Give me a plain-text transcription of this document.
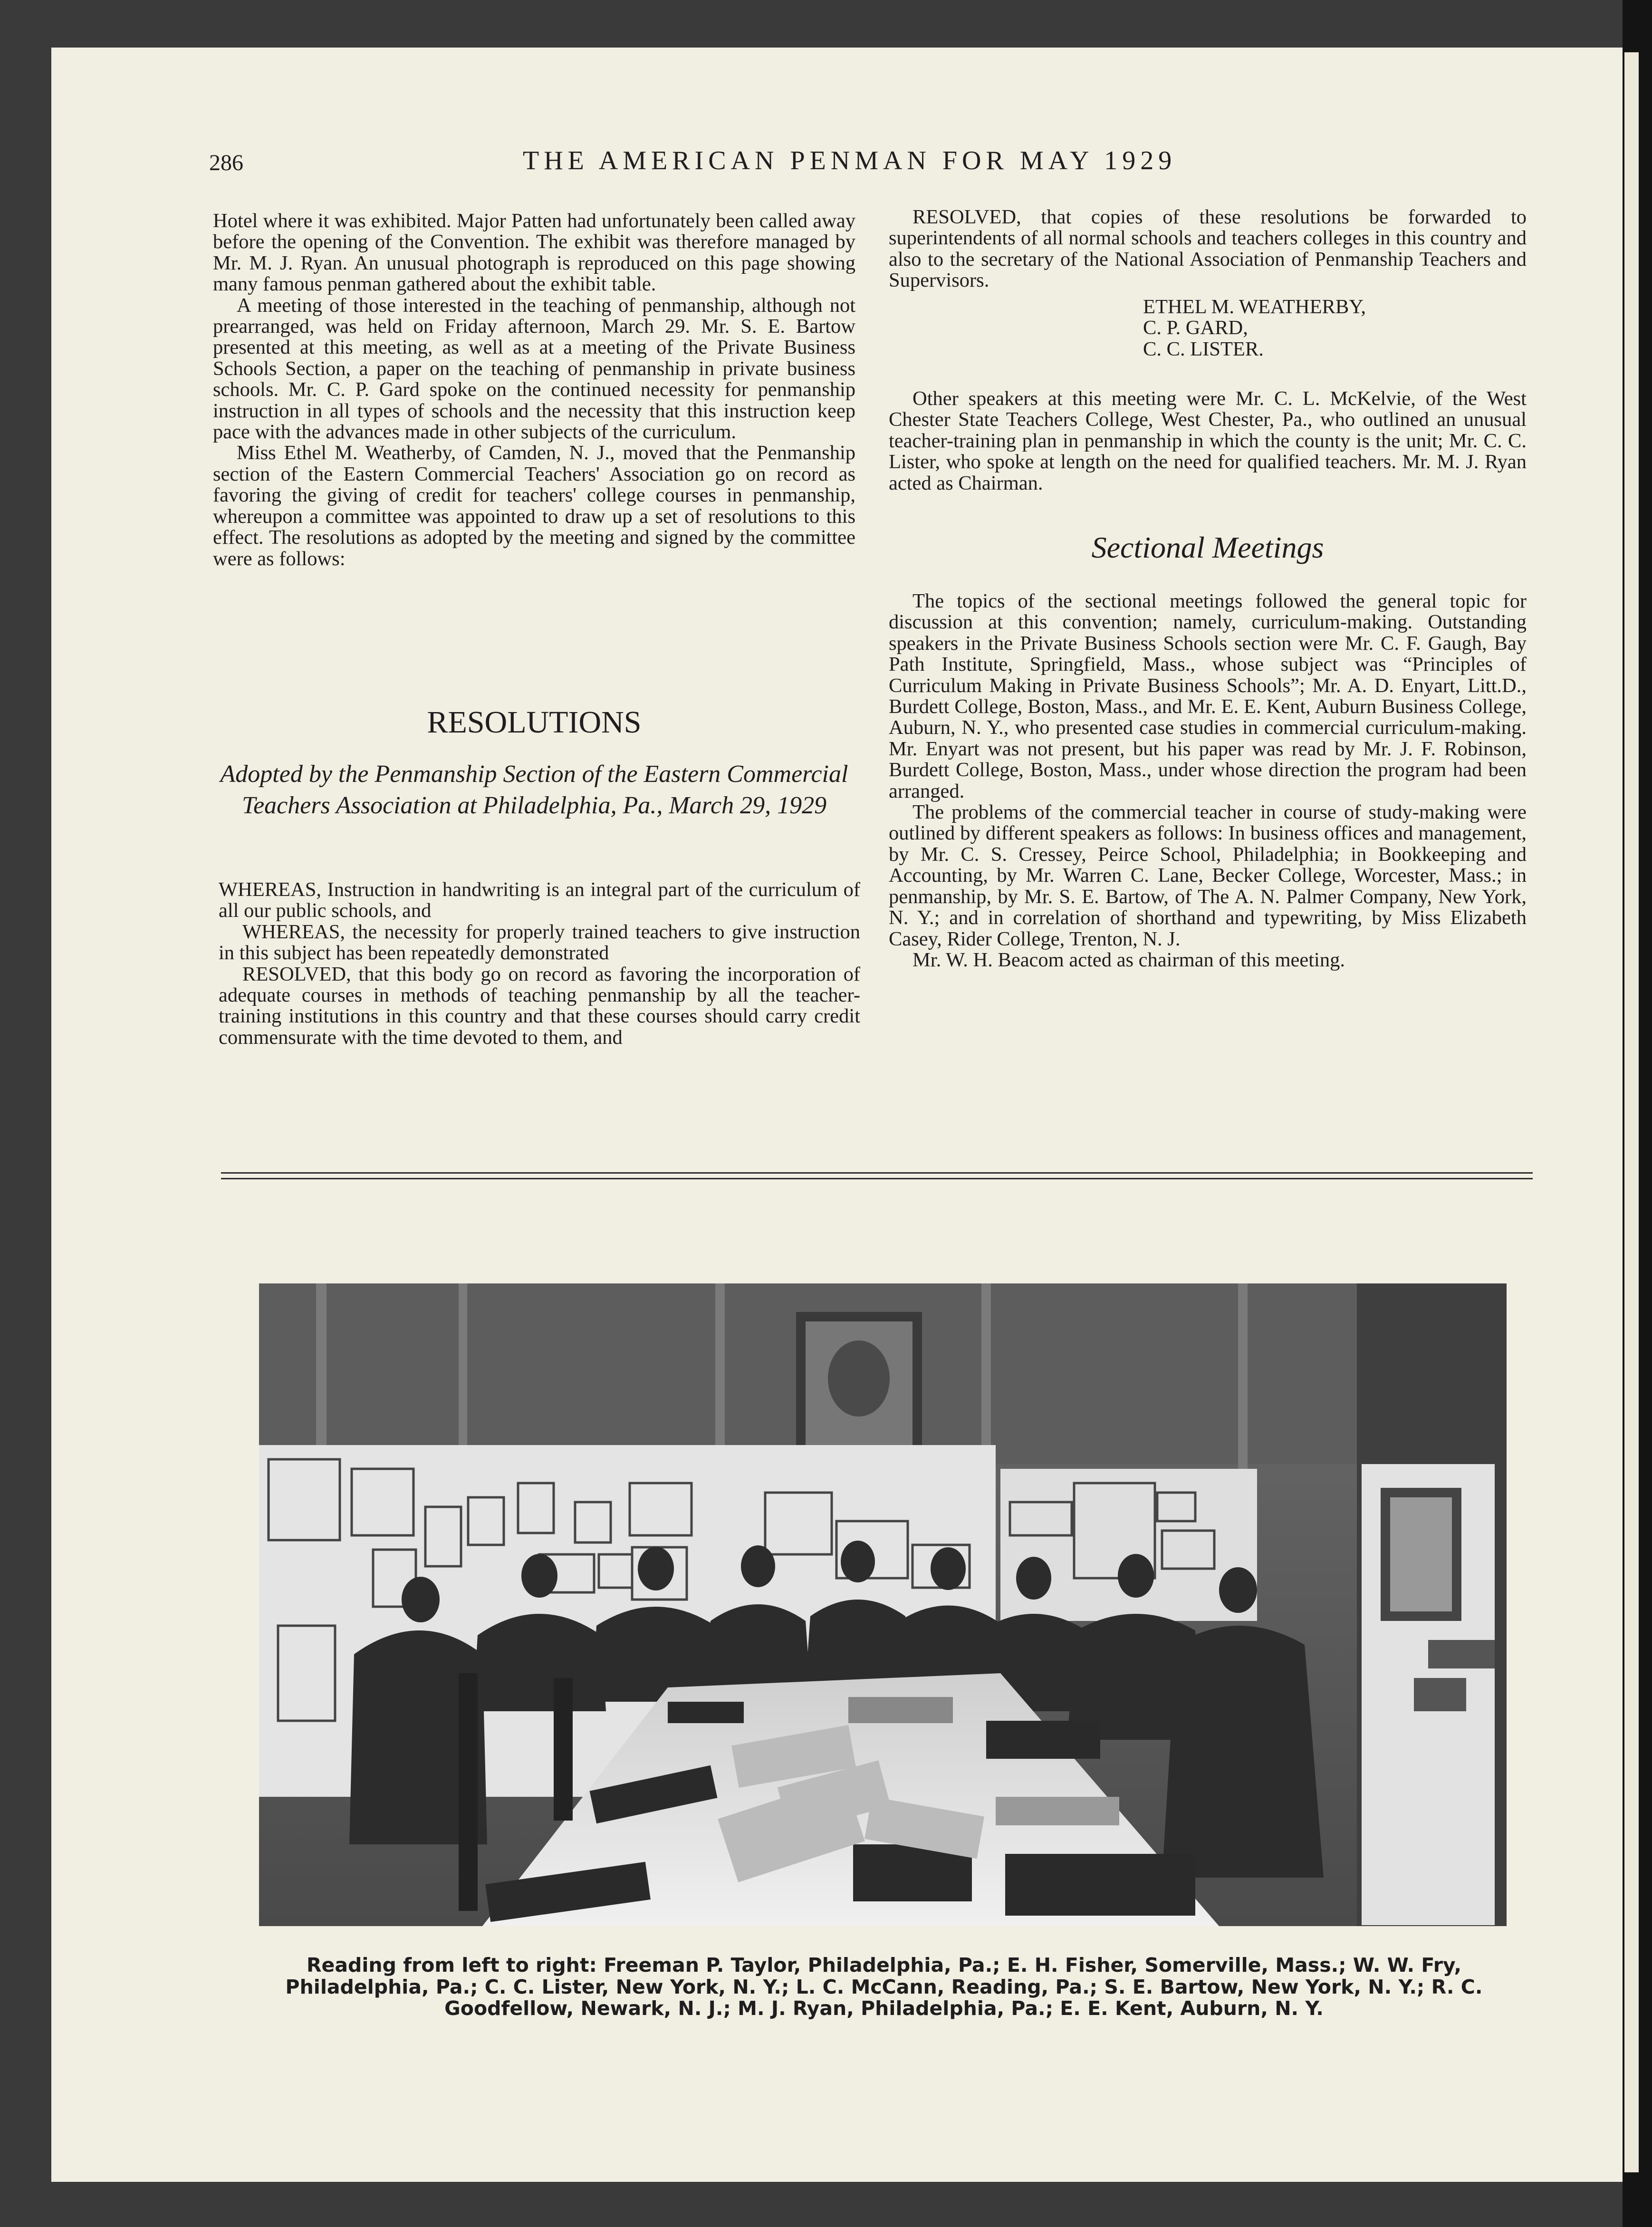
286	THE AMERICAN PENMAN FOR MAY 1929

Hotel where it was exhibited. Major Patten had unfortunately been called away before the opening of the Convention. The exhibit was therefore managed by Mr. M. J. Ryan. An unusual photograph is reproduced on this page showing many famous penman gathered about the exhibit table.

A meeting of those interested in the teaching of penmanship, although not prearranged, was held on Friday afternoon, March 29. Mr. S. E. Bartow presented at this meeting, as well as at a meeting of the Private Business Schools Section, a paper on the teaching of penmanship in private business schools. Mr. C. P. Gard spoke on the continued necessity for penmanship instruction in all types of schools and the necessity that this instruction keep pace with the advances made in other subjects of the curriculum.

Miss Ethel M. Weatherby, of Camden, N. J., moved that the Penmanship section of the Eastern Commercial Teachers' Association go on record as favoring the giving of credit for teachers' college courses in penmanship, whereupon a committee was appointed to draw up a set of resolutions to this effect. The resolutions as adopted by the meeting and signed by the committee were as follows:

RESOLUTIONS
Adopted by the Penmanship Section of the Eastern Commercial Teachers Association at Philadelphia, Pa., March 29, 1929

WHEREAS, Instruction in handwriting is an integral part of the curriculum of all our public schools, and

WHEREAS, the necessity for properly trained teachers to give instruction in this subject has been repeatedly demonstrated

RESOLVED, that this body go on record as favoring the incorporation of adequate courses in methods of teaching penmanship by all the teacher-training institutions in this country and that these courses should carry credit commensurate with the time devoted to them, and

RESOLVED, that copies of these resolutions be forwarded to superintendents of all normal schools and teachers colleges in this country and also to the secretary of the National Association of Penmanship Teachers and Supervisors.

ETHEL M. WEATHERBY,
C. P. GARD,
C. C. LISTER.

Other speakers at this meeting were Mr. C. L. McKelvie, of the West Chester State Teachers College, West Chester, Pa., who outlined an unusual teacher-training plan in penmanship in which the county is the unit; Mr. C. C. Lister, who spoke at length on the need for qualified teachers. Mr. M. J. Ryan acted as Chairman.

Sectional Meetings

The topics of the sectional meetings followed the general topic for discussion at this convention; namely, curriculum-making. Outstanding speakers in the Private Business Schools section were Mr. C. F. Gaugh, Bay Path Institute, Springfield, Mass., whose subject was “Principles of Curriculum Making in Private Business Schools”; Mr. A. D. Enyart, Litt.D., Burdett College, Boston, Mass., and Mr. E. E. Kent, Auburn Business College, Auburn, N. Y., who presented case studies in commercial curriculum-making. Mr. Enyart was not present, but his paper was read by Mr. J. F. Robinson, Burdett College, Boston, Mass., under whose direction the program had been arranged.

The problems of the commercial teacher in course of study-making were outlined by different speakers as follows: In business offices and management, by Mr. C. S. Cressey, Peirce School, Philadelphia; in Bookkeeping and Accounting, by Mr. Warren C. Lane, Becker College, Worcester, Mass.; in penmanship, by Mr. S. E. Bartow, of The A. N. Palmer Company, New York, N. Y.; and in correlation of shorthand and typewriting, by Miss Elizabeth Casey, Rider College, Trenton, N. J.

Mr. W. H. Beacom acted as chairman of this meeting.

Reading from left to right: Freeman P. Taylor, Philadelphia, Pa.; E. H. Fisher, Somerville, Mass.; W. W. Fry, Philadelphia, Pa.; C. C. Lister, New York, N. Y.; L. C. McCann, Reading, Pa.; S. E. Bartow, New York, N. Y.; R. C. Goodfellow, Newark, N. J.; M. J. Ryan, Philadelphia, Pa.; E. E. Kent, Auburn, N. Y.
